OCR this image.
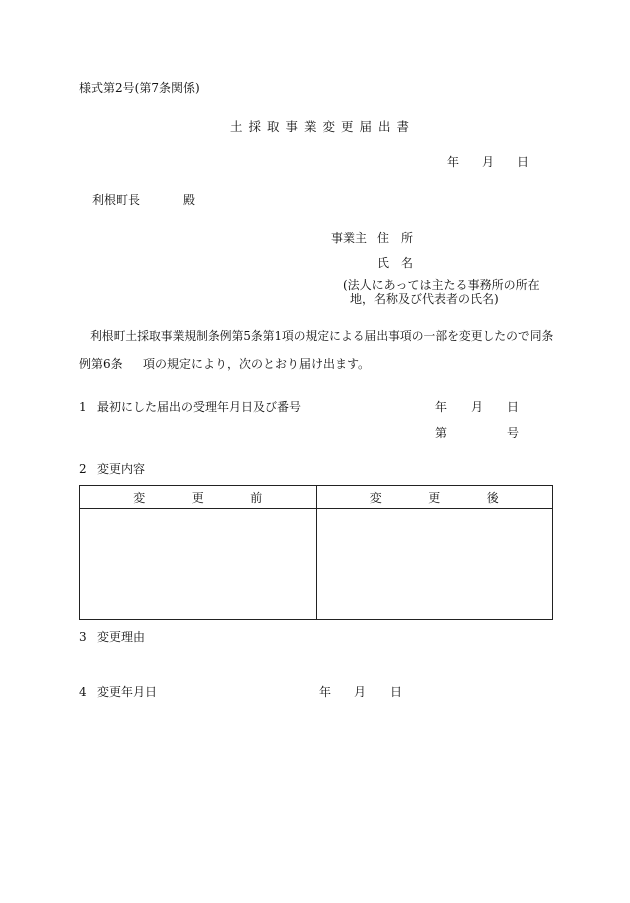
様式第2号(第7条関係)
土採取事業変更届出書
年 月 日
利根町長	殿
事業主 住　所
氏　名
(法人にあっては主たる事務所の所在
地，名称及び代表者の氏名)
利根町土採取事業規制条例第5条第1項の規定による届出事項の一部を変更したので同条
例第6条 項の規定により，次のとおり届け出ます。
1 最初にした届出の受理年月日及び番号	年 月 日
第	号
2 変更内容
変 更 前	変 更 後

3 変更理由
4 変更年月日	年 月 日
